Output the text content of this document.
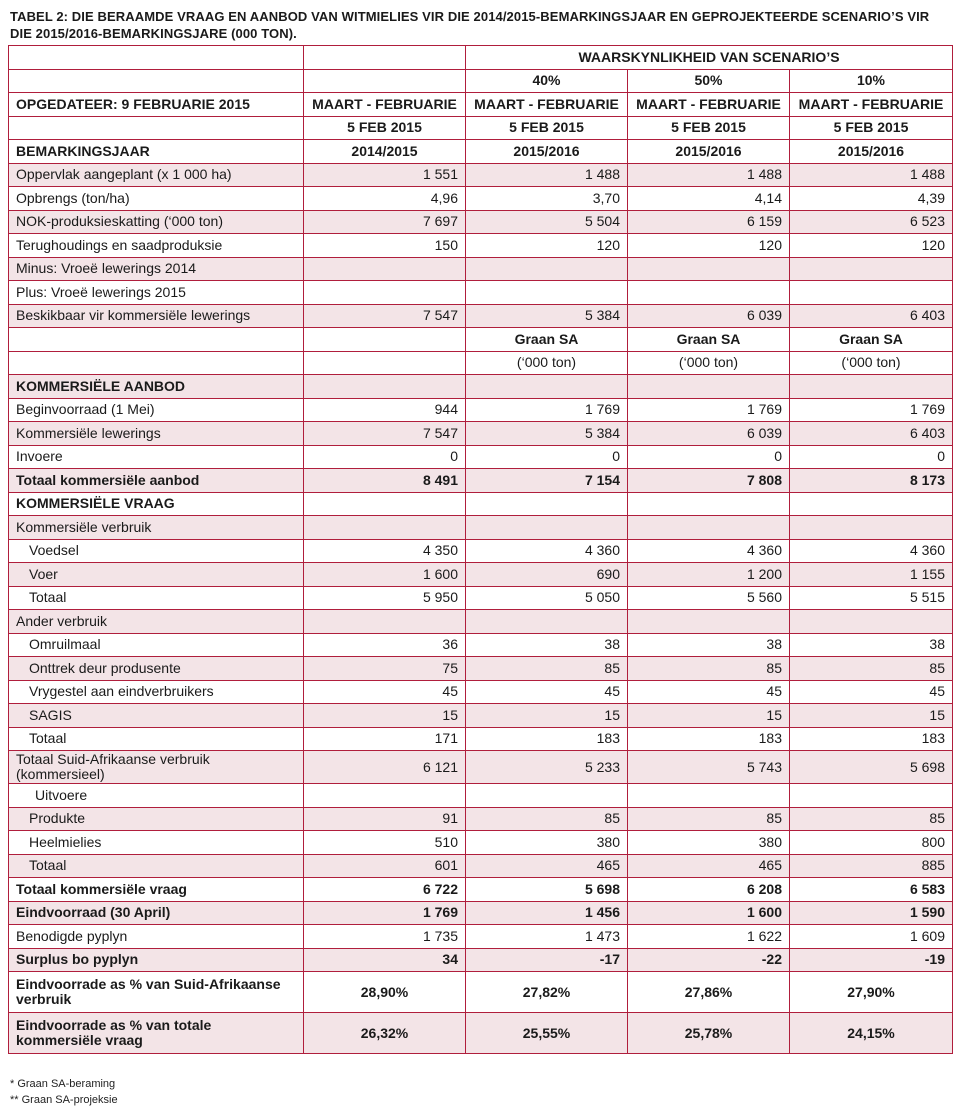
TABEL 2: DIE BERAAMDE VRAAG EN AANBOD VAN WITMIELIES VIR DIE 2014/2015-BEMARKINGSJAAR EN GEPROJEKTEERDE SCENARIO’S VIR DIE 2015/2016-BEMARKINGSJARE (000 TON).
		WAARSKYNLIKHEID VAN SCENARIO’S		
		40%	50%	10%
OPGEDATEER: 9 FEBRUARIE 2015	MAART - FEBRUARIE	MAART - FEBRUARIE	MAART - FEBRUARIE	MAART - FEBRUARIE
	5 FEB 2015	5 FEB 2015	5 FEB 2015	5 FEB 2015
BEMARKINGSJAAR	2014/2015	2015/2016	2015/2016	2015/2016
Oppervlak aangeplant (x 1 000 ha)	1 551	1 488	1 488	1 488
Opbrengs (ton/ha)	4,96	3,70	4,14	4,39
NOK-produksieskatting (‘000 ton)	7 697	5 504	6 159	6 523
Terughoudings en saadproduksie	150	120	120	120
Minus: Vroeë lewerings 2014				
Plus: Vroeë lewerings 2015				
Beskikbaar vir kommersiële lewerings	7 547	5 384	6 039	6 403
		Graan SA	Graan SA	Graan SA
		(‘000 ton)	(‘000 ton)	(‘000 ton)
KOMMERSIËLE AANBOD				
Beginvoorraad (1 Mei)	944	1 769	1 769	1 769
Kommersiële lewerings	7 547	5 384	6 039	6 403
Invoere	0	0	0	0
Totaal kommersiële aanbod	8 491	7 154	7 808	8 173
KOMMERSIËLE VRAAG				
Kommersiële verbruik				
Voedsel	4 350	4 360	4 360	4 360
Voer	1 600	690	1 200	1 155
Totaal	5 950	5 050	5 560	5 515
Ander verbruik				
Omruilmaal	36	38	38	38
Onttrek deur produsente	75	85	85	85
Vrygestel aan eindverbruikers	45	45	45	45
SAGIS	15	15	15	15
Totaal	171	183	183	183
Totaal Suid-Afrikaanse verbruik (kommersieel)	6 121	5 233	5 743	5 698
Uitvoere				
Produkte	91	85	85	85
Heelmielies	510	380	380	800
Totaal	601	465	465	885
Totaal kommersiële vraag	6 722	5 698	6 208	6 583
Eindvoorraad (30 April)	1 769	1 456	1 600	1 590
Benodigde pyplyn	1 735	1 473	1 622	1 609
Surplus bo pyplyn	34	-17	-22	-19
Eindvoorrade as % van Suid-Afrikaanse verbruik	28,90%	27,82%	27,86%	27,90%
Eindvoorrade as % van totale kommersiële vraag	26,32%	25,55%	25,78%	24,15%
* Graan SA-beraming
** Graan SA-projeksie
